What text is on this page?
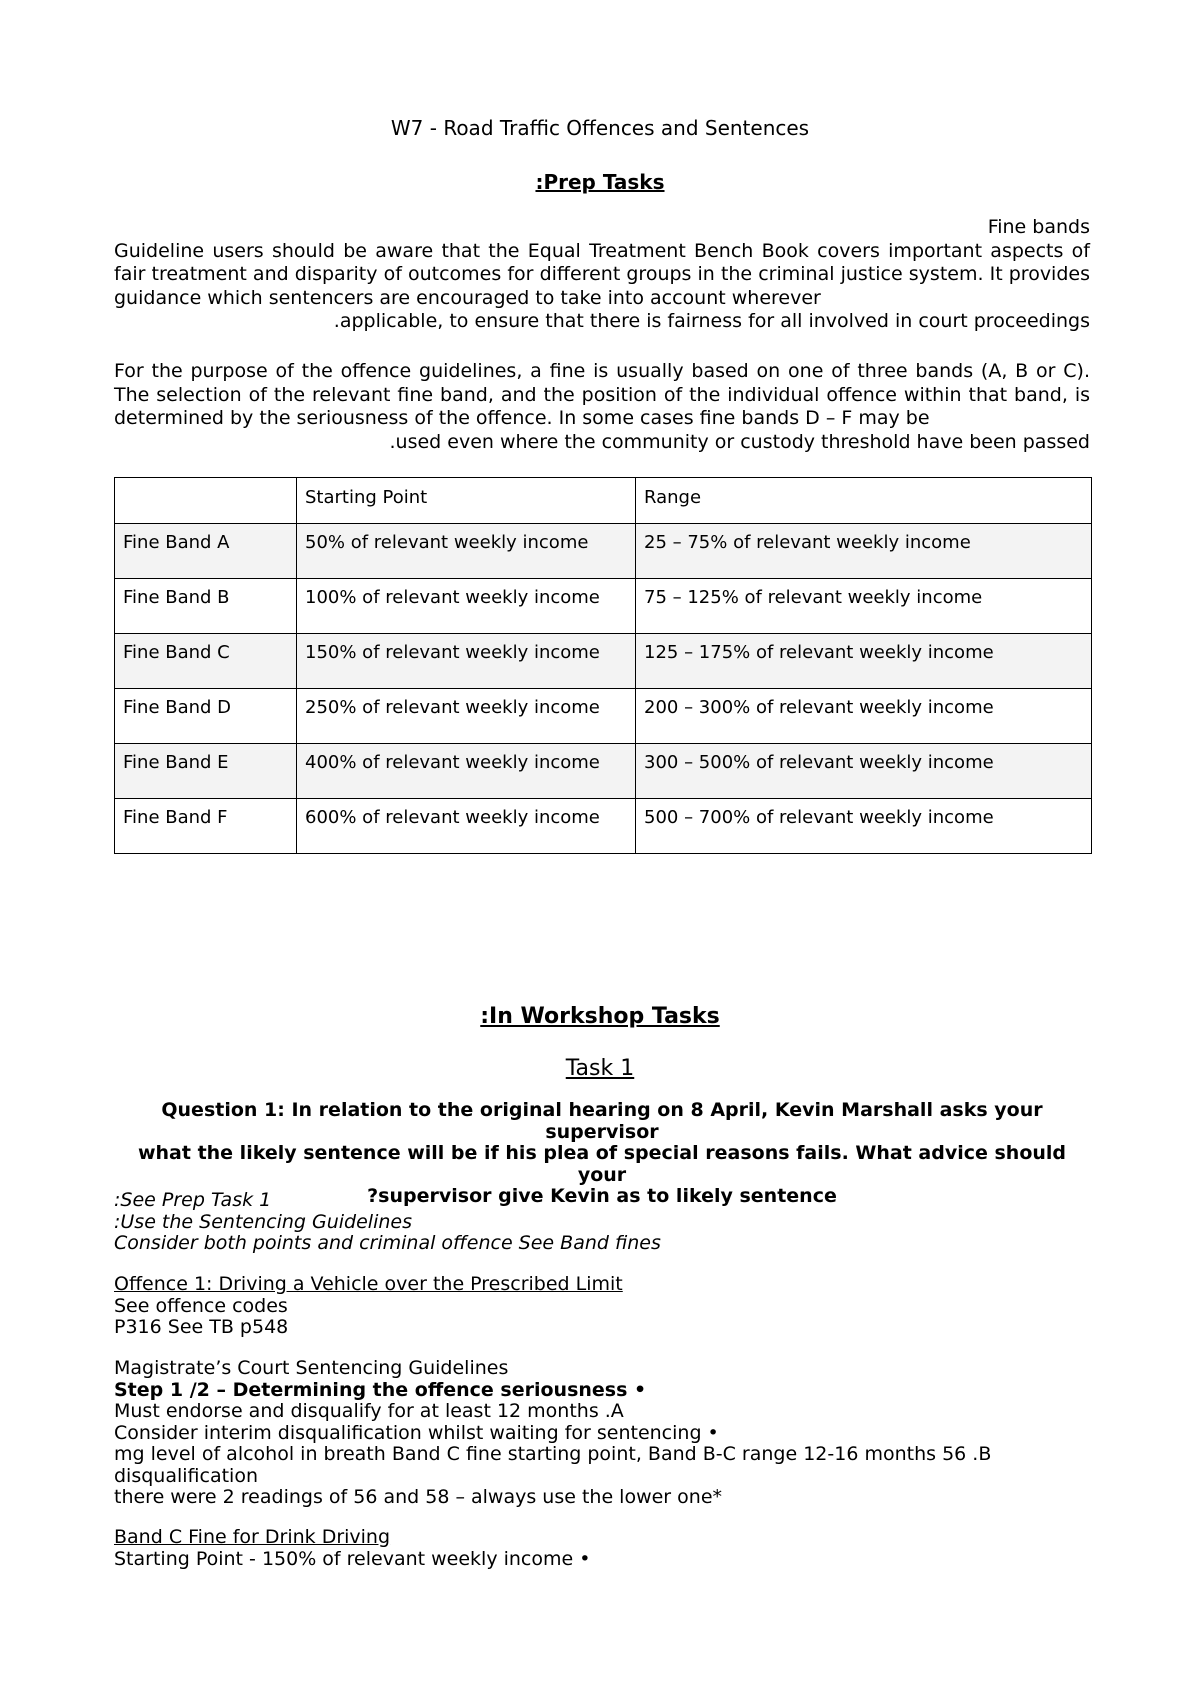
W7 - Road Traffic Offences and Sentences
:Prep Tasks
Fine bands
Guideline users should be aware that the Equal Treatment Bench Book covers important aspects of fair treatment and disparity of outcomes for different groups in the criminal justice system. It provides guidance which sentencers are encouraged to take into account wherever
.applicable, to ensure that there is fairness for all involved in court proceedings
For the purpose of the offence guidelines, a fine is usually based on one of three bands (A, B or C). The selection of the relevant fine band, and the position of the individual offence within that band, is determined by the seriousness of the offence. In some cases fine bands D – F may be
.used even where the community or custody threshold have been passed
	Starting Point	Range
Fine Band A	50% of relevant weekly income	25 – 75% of relevant weekly income
Fine Band B	100% of relevant weekly income	75 – 125% of relevant weekly income
Fine Band C	150% of relevant weekly income	125 – 175% of relevant weekly income
Fine Band D	250% of relevant weekly income	200 – 300% of relevant weekly income
Fine Band E	400% of relevant weekly income	300 – 500% of relevant weekly income
Fine Band F	600% of relevant weekly income	500 – 700% of relevant weekly income
:In Workshop Tasks
Task 1
Question 1: In relation to the original hearing on 8 April, Kevin Marshall asks your supervisor
what the likely sentence will be if his plea of special reasons fails. What advice should your
?supervisor give Kevin as to likely sentence
:See Prep Task 1
:Use the Sentencing Guidelines
Consider both points and criminal offence See Band fines
Offence 1: Driving a Vehicle over the Prescribed Limit
See offence codes
P316 See TB p548
Magistrate’s Court Sentencing Guidelines
Step 1 /2 – Determining the offence seriousness •
Must endorse and disqualify for at least 12 months .A
Consider interim disqualification whilst waiting for sentencing •
mg level of alcohol in breath Band C fine starting point, Band B-C range 12-16 months 56 .B
disqualification
there were 2 readings of 56 and 58 – always use the lower one*
Band C Fine for Drink Driving
Starting Point - 150% of relevant weekly income •
